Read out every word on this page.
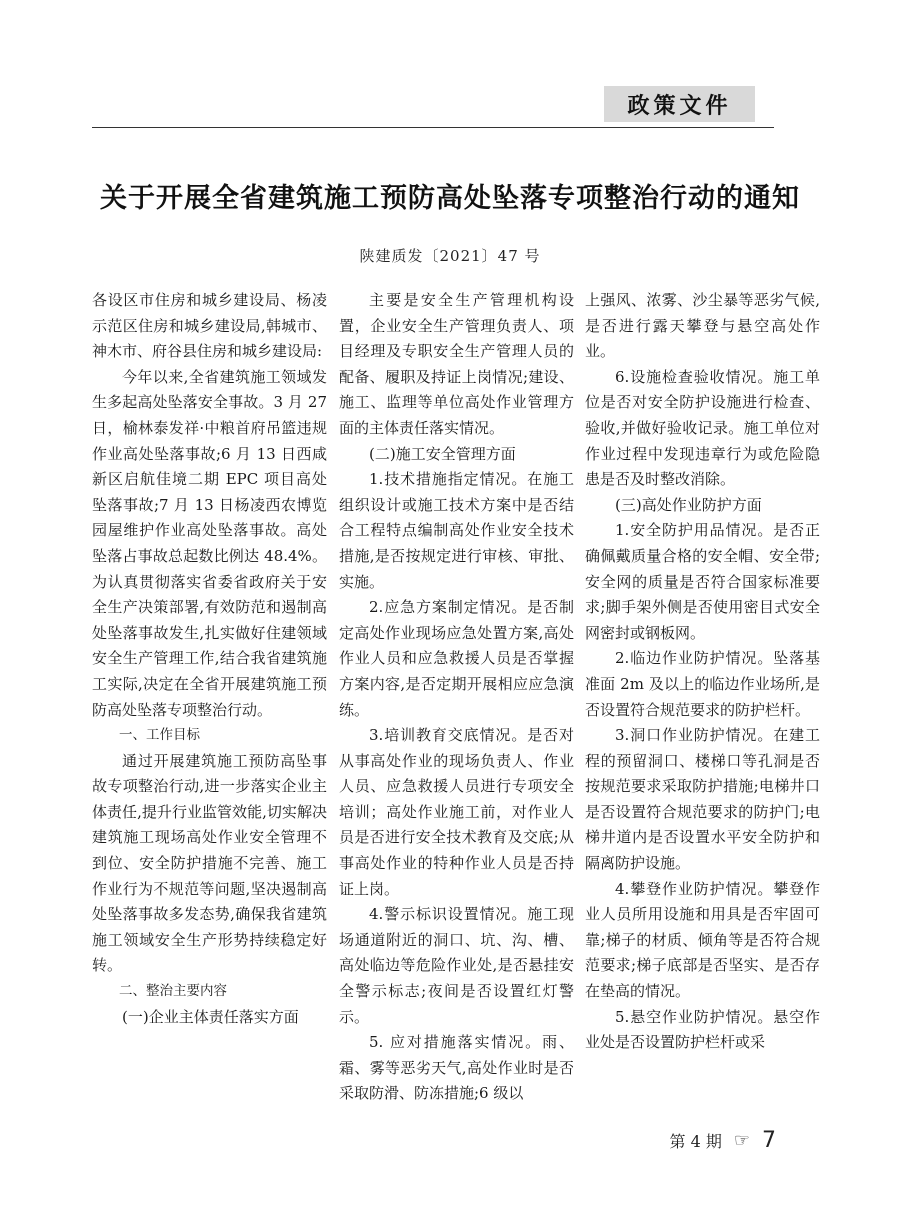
政策文件
关于开展全省建筑施工预防高处坠落专项整治行动的通知
陕建质发〔2021〕47 号

各设区市住房和城乡建设局、杨凌示范区住房和城乡建设局,韩城市、神木市、府谷县住房和城乡建设局:

今年以来,全省建筑施工领域发生多起高处坠落安全事故。3 月 27 日，榆林泰发祥·中粮首府吊篮违规作业高处坠落事故;6 月 13 日西咸新区启航佳境二期 EPC 项目高处坠落事故;7 月 13 日杨凌西农博览园屋维护作业高处坠落事故。高处坠落占事故总起数比例达 48.4%。为认真贯彻落实省委省政府关于安全生产决策部署,有效防范和遏制高处坠落事故发生,扎实做好住建领域安全生产管理工作,结合我省建筑施工实际,决定在全省开展建筑施工预防高处坠落专项整治行动。

一、工作目标

通过开展建筑施工预防高坠事故专项整治行动,进一步落实企业主体责任,提升行业监管效能,切实解决建筑施工现场高处作业安全管理不到位、安全防护措施不完善、施工作业行为不规范等问题,坚决遏制高处坠落事故多发态势,确保我省建筑施工领域安全生产形势持续稳定好转。

二、整治主要内容

(一)企业主体责任落实方面

主要是安全生产管理机构设置，企业安全生产管理负责人、项目经理及专职安全生产管理人员的配备、履职及持证上岗情况;建设、施工、监理等单位高处作业管理方面的主体责任落实情况。

(二)施工安全管理方面

1.技术措施指定情况。在施工组织设计或施工技术方案中是否结合工程特点编制高处作业安全技术措施,是否按规定进行审核、审批、实施。

2.应急方案制定情况。是否制定高处作业现场应急处置方案,高处作业人员和应急救援人员是否掌握方案内容,是否定期开展相应应急演练。

3.培训教育交底情况。是否对从事高处作业的现场负责人、作业人员、应急救援人员进行专项安全培训；高处作业施工前，对作业人员是否进行安全技术教育及交底;从事高处作业的特种作业人员是否持证上岗。

4.警示标识设置情况。施工现场通道附近的洞口、坑、沟、槽、高处临边等危险作业处,是否悬挂安全警示标志;夜间是否设置红灯警示。

5. 应对措施落实情况。雨、霜、雾等恶劣天气,高处作业时是否采取防滑、防冻措施;6 级以

上强风、浓雾、沙尘暴等恶劣气候,是否进行露天攀登与悬空高处作业。

6.设施检查验收情况。施工单位是否对安全防护设施进行检查、验收,并做好验收记录。施工单位对作业过程中发现违章行为或危险隐患是否及时整改消除。

(三)高处作业防护方面

1.安全防护用品情况。是否正确佩戴质量合格的安全帽、安全带;安全网的质量是否符合国家标准要求;脚手架外侧是否使用密目式安全网密封或钢板网。

2.临边作业防护情况。坠落基准面 2m 及以上的临边作业场所,是否设置符合规范要求的防护栏杆。

3.洞口作业防护情况。在建工程的预留洞口、楼梯口等孔洞是否按规范要求采取防护措施;电梯井口是否设置符合规范要求的防护门;电梯井道内是否设置水平安全防护和隔离防护设施。

4.攀登作业防护情况。攀登作业人员所用设施和用具是否牢固可靠;梯子的材质、倾角等是否符合规范要求;梯子底部是否坚实、是否存在垫高的情况。

5.悬空作业防护情况。悬空作业处是否设置防护栏杆或采

第 4 期 ☞ 7
